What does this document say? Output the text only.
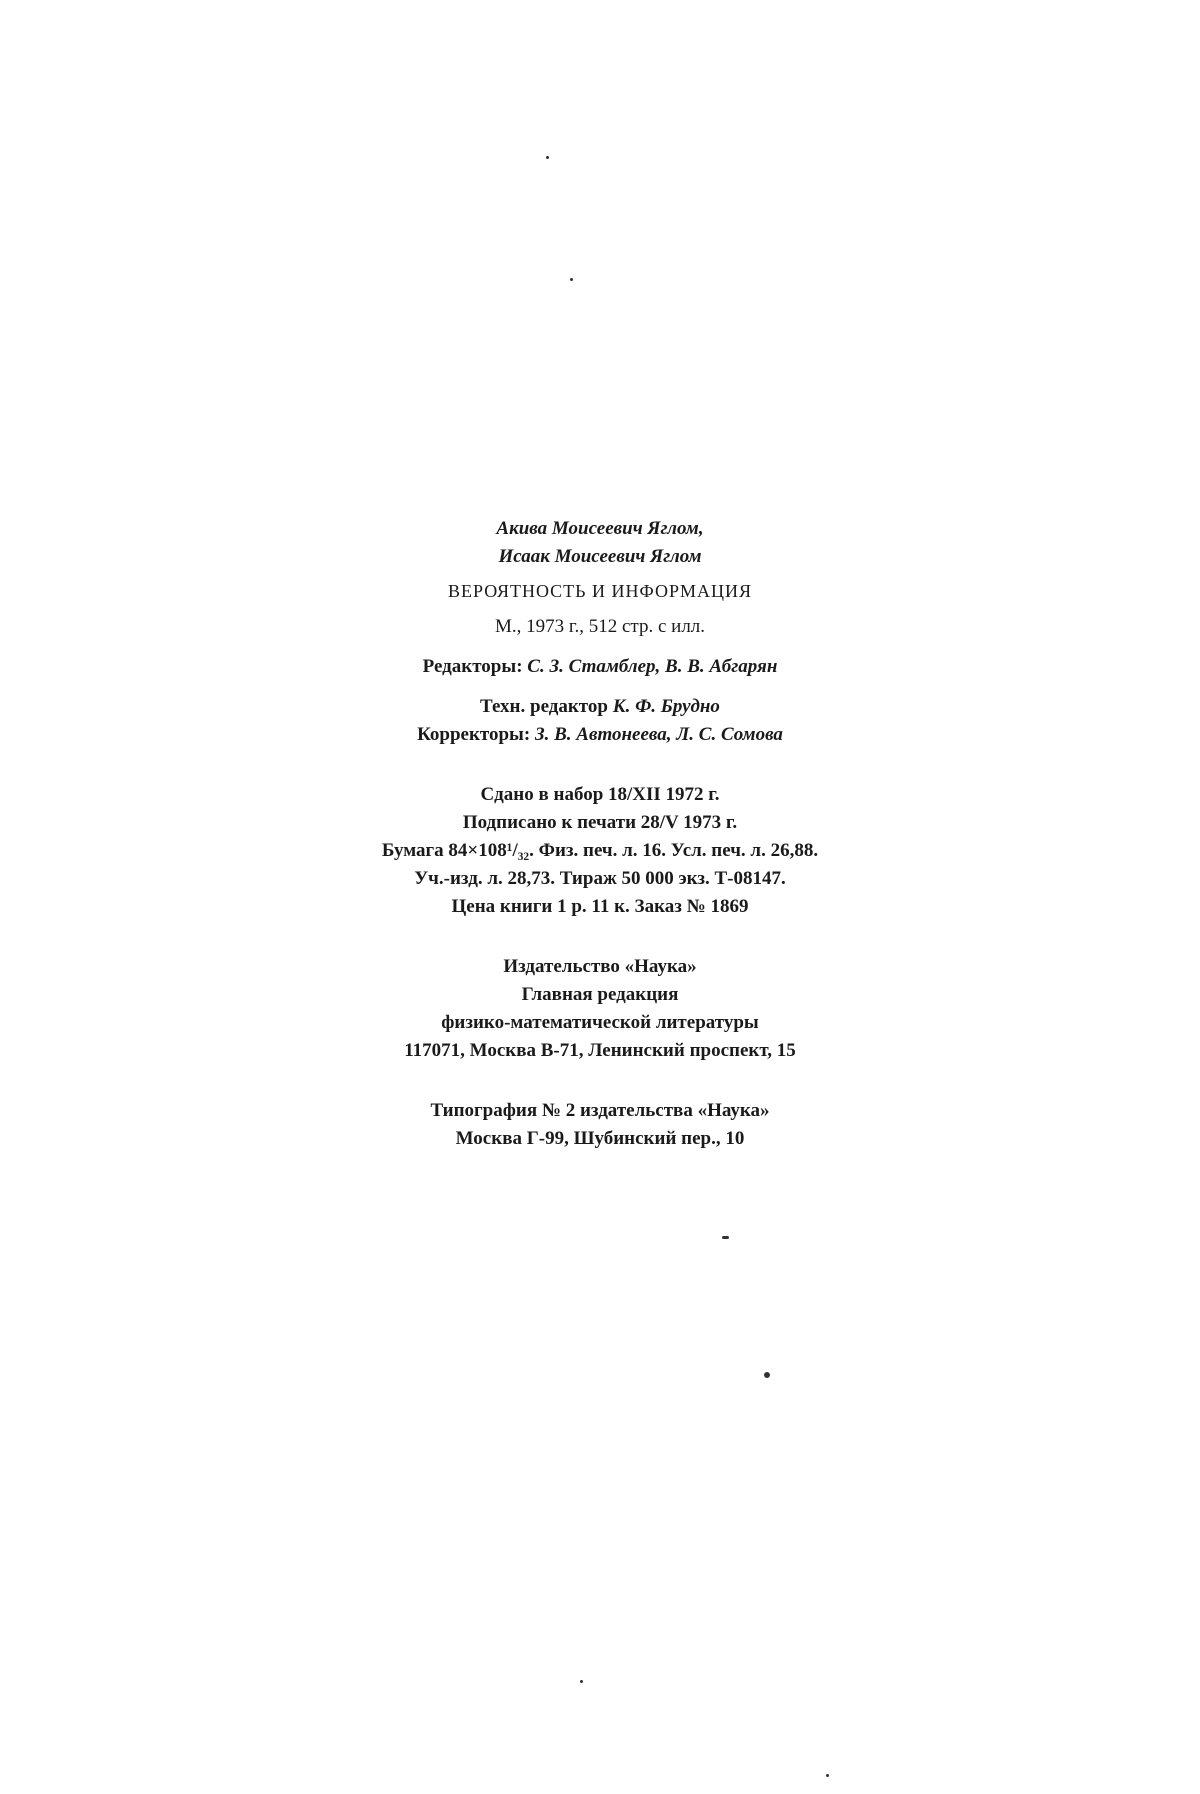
Акива Моисеевич Яглом,
Исаак Моисеевич Яглом
ВЕРОЯТНОСТЬ И ИНФОРМАЦИЯ
М., 1973 г., 512 стр. с илл.
Редакторы: С. З. Стамблер, В. В. Абгарян
Техн. редактор К. Ф. Брудно
Корректоры: З. В. Автонеева, Л. С. Сомова
Сдано в набор 18/XII 1972 г.
Подписано к печати 28/V 1973 г.
Бумага 84×108¹/₃₂. Физ. печ. л. 16. Усл. печ. л. 26,88.
Уч.-изд. л. 28,73. Тираж 50 000 экз. Т-08147.
Цена книги 1 р. 11 к. Заказ № 1869
Издательство «Наука»
Главная редакция
физико-математической литературы
117071, Москва В-71, Ленинский проспект, 15
Типография № 2 издательства «Наука»
Москва Г-99, Шубинский пер., 10
